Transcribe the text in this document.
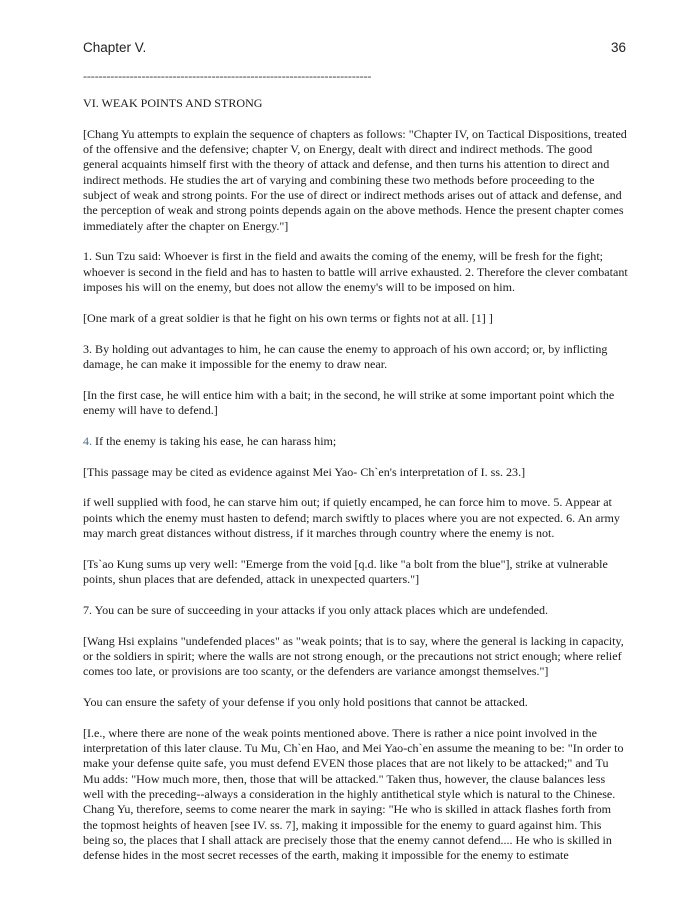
Chapter V.	36
--------------------------------------------------------------------------

VI. WEAK POINTS AND STRONG

[Chang Yu attempts to explain the sequence of chapters as follows: "Chapter IV, on Tactical Dispositions, treated of the offensive and the defensive; chapter V, on Energy, dealt with direct and indirect methods. The good general acquaints himself first with the theory of attack and defense, and then turns his attention to direct and indirect methods. He studies the art of varying and combining these two methods before proceeding to the subject of weak and strong points. For the use of direct or indirect methods arises out of attack and defense, and the perception of weak and strong points depends again on the above methods. Hence the present chapter comes immediately after the chapter on Energy."]

1. Sun Tzu said: Whoever is first in the field and awaits the coming of the enemy, will be fresh for the fight; whoever is second in the field and has to hasten to battle will arrive exhausted. 2. Therefore the clever combatant imposes his will on the enemy, but does not allow the enemy's will to be imposed on him.

[One mark of a great soldier is that he fight on his own terms or fights not at all. [1] ]

3. By holding out advantages to him, he can cause the enemy to approach of his own accord; or, by inflicting damage, he can make it impossible for the enemy to draw near.

[In the first case, he will entice him with a bait; in the second, he will strike at some important point which the enemy will have to defend.]

4. If the enemy is taking his ease, he can harass him;

[This passage may be cited as evidence against Mei Yao- Ch`en's interpretation of I. ss. 23.]

if well supplied with food, he can starve him out; if quietly encamped, he can force him to move. 5. Appear at points which the enemy must hasten to defend; march swiftly to places where you are not expected. 6. An army may march great distances without distress, if it marches through country where the enemy is not.

[Ts`ao Kung sums up very well: "Emerge from the void [q.d. like "a bolt from the blue"], strike at vulnerable points, shun places that are defended, attack in unexpected quarters."]

7. You can be sure of succeeding in your attacks if you only attack places which are undefended.

[Wang Hsi explains "undefended places" as "weak points; that is to say, where the general is lacking in capacity, or the soldiers in spirit; where the walls are not strong enough, or the precautions not strict enough; where relief comes too late, or provisions are too scanty, or the defenders are variance amongst themselves."]

You can ensure the safety of your defense if you only hold positions that cannot be attacked.

[I.e., where there are none of the weak points mentioned above. There is rather a nice point involved in the interpretation of this later clause. Tu Mu, Ch`en Hao, and Mei Yao-ch`en assume the meaning to be: "In order to make your defense quite safe, you must defend EVEN those places that are not likely to be attacked;" and Tu Mu adds: "How much more, then, those that will be attacked." Taken thus, however, the clause balances less well with the preceding--always a consideration in the highly antithetical style which is natural to the Chinese. Chang Yu, therefore, seems to come nearer the mark in saying: "He who is skilled in attack flashes forth from the topmost heights of heaven [see IV. ss. 7], making it impossible for the enemy to guard against him. This being so, the places that I shall attack are precisely those that the enemy cannot defend.... He who is skilled in defense hides in the most secret recesses of the earth, making it impossible for the enemy to estimate
